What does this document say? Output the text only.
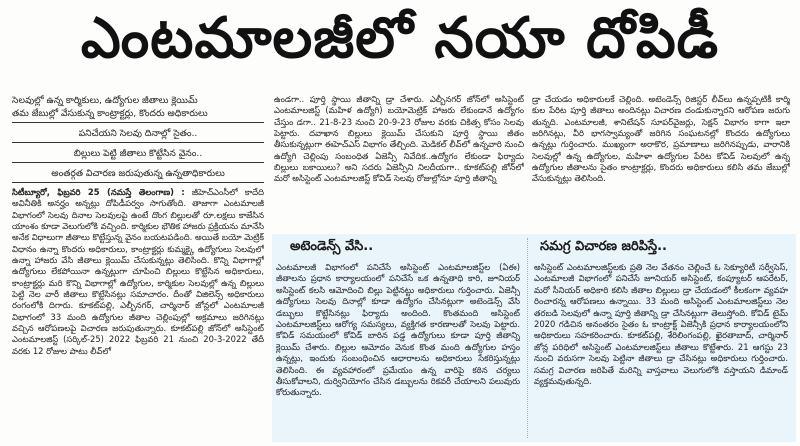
ఎంటమాలజీలో నయా దోపిడీ
సెలవుల్లో ఉన్న కార్మికులు, ఉద్యోగుల జీతాలు క్లెయిమ్
తమ జేబుల్లో వేసుకున్న కాంట్రాక్టర్లు, కొందరు అధికారులు
పనిచేయని సెలవు దినాల్లో సైతం..
బిల్లులు పెట్టి జీతాలు కొట్టేసిన వైనం..
అంతర్గత విచారణ జరుపుతున్న ఉన్నతాధికారులు

సిటీబ్యూరో, ఫిబ్రవరి 25 (నమస్తే తెలంగాణ) : జీహెచ్ఎంసీలో కాదేది అవినీతికి అనర్హం అన్నట్లు దోపిడీపర్వం సాగుతోంది. తాజాగా ఎంటమాలజీ విభాగంలో సెలవు దినాల సెలవులపై ఉంటే దొంగ బిల్లులతో రూ.లక్షలు కాజేసిన యాంశం కూడా వెలుగులోకి వచ్చింది. కార్మికుల భౌతిక హాజరు ప్రక్రియను మానేసి అనేక విధాలుగా జీతాలు కొట్టేస్తున్న వైనం బయటపడింది. అయితే బయో మెట్రిక్ విధానం ఉన్నా కొందరు అధికారులు, కాంట్రాక్టర్లు కుమ్మక్కై ఉద్యోగులు సెలవులో ఉన్నా హాజరు వేసి జీతాలు క్లెయిమ్ చేసుకున్నట్లు తెలిసింది. కొన్ని విభాగాల్లో ఉద్యోగులు లేకపోయినా ఉన్నట్లుగా చూపించి బిల్లులు కొట్టేసిన అధికారులు, కాంట్రాక్టర్లు మరి కొన్ని విభాగాల్లో ఉద్యోగుల, కార్మికుల సెలవుల్లో ఉన్న బిల్లులు పెట్టి నెల వారీ జీతాలు కొట్టేసినట్లు సమాచారం. దీంతో విజిలెన్స్ అధికారులు రంగంలోకి దిగారు. కూకట్‌పల్లి, ఎల్బీనగర్, చార్మినార్ జోన్లలో ఎంటమాలజీ విభాగంలో 33 మంది ఉద్యోగుల జీతాల చెల్లింపుల్లో అక్రమాలు జరిగినట్లు వచ్చిన ఆరోపణలపై విచారణ జరుపుతున్నారు. కూకట్‌పల్లి జోన్‌లో అసిస్టెంట్ ఎంటమాలజిస్ట్ (సర్కిల్-25) 2022 ఫిబ్రవరి 21 నుంచి 20-3-2022 తేదీ వరకు 12 రోజుల పాటు లీవ్‌లో

ఉండగా.. పూర్తి స్థాయి జీతాన్ని డ్రా చేశారు. ఎల్బీనగర్ జోన్‌లో అసిస్టెంట్ ఎంటమాలజిస్ట్ (మహిళ ఉద్యోగి) బయోమెట్రిక్ హాజరు లేకుండానే ఉద్యోగం చేస్తుం డగా.. 21-8-23 నుంచి 20-9-23 రోజుల వరకు చికిత్స కోసం సెలవు పెట్టారు. దవాఖాన బిల్లులు క్లెయిమ్ చేసుకుని పూర్తి స్థాయి జీతం తీసుకున్నట్లుగా ఈహెచ్ఎస్ విభాగం తేల్చింది. మెడికల్ లీవ్‌లో ఉన్నవారి నుంచి ఉద్యోగి చెల్లింపు సంబంధిత ఏజెన్సీ నివేదిక..ఉద్యోగం లేకుండా ఫిర్యాదు బిల్లులు బకాయిలు? అని సదరు ఏజెన్సీని నిలదీయగా.. కూకట్‌పల్లి జోన్‌లో మరో అసిస్టెంట్ ఎంటమాలజిస్ట్ కోవిడ్ సెలవు రోజుల్లోనూ పూర్తి జీతాన్ని

డ్రా చేయడం అధికారులకే చెల్లింది. అటెండెన్స్ రిజిస్టర్ లీవ్‌లు ఉన్నప్పటికీ కార్మి కుల పేరిట పూర్తి జీతాలు అందినట్లు విచారణ దండుకున్నారని ఆరోపణ జరుగు తున్నది. ఎంటమాలజీ, శానిటేషన్ సూపర్‌వైజర్లు, సెక్షన్ విభాగం కాగా ఇలా జరిగినట్లు, వీరి భాగస్వామ్యంతో జరిగిన సంఘటనల్లో కొందరు ఉద్యోగులు ఉన్నట్లు గుర్తించారు. ముఖ్యంగా అరాకొర, ప్రమాణాలు జరిగినప్పుడు, వారానికి సెలవుల్లో ఉన్న ఉద్యోగుల, మహిళా ఉద్యోగుల పేరిట కోవిడ్ సెలవులో ఉన్న ఉద్యోగుల జీతాలను సైతం కాంట్రాక్టర్లు, కొందరు అధికారులు కలిసి తమ జేబుల్లో వేసుకున్నట్లు తెలిసింది.

అటెండెన్స్ వేసి..	సమగ్ర విచారణ జరిపిస్తే..

ఎంటమాలజీ విభాగంలో పనిచేసే అసిస్టెంట్ ఎంటమాలజిస్ట్‌ల (ఏఈ) జీతాలను ప్రధాన కార్యాలయంలో పనిచేసే ఒక ఉన్నతాధి కారి, జూనియర్ అసిస్టెంట్ కలసి ఆమోదించి బిల్లు పెట్టినట్టు అధికారులు గుర్తించారు. ఏజెన్సీ ఉద్యోగులు సెలవు దినాల్లో కూడా ఉద్యోగం చేసినట్లుగా అటెండెన్స్ వేసి డబ్బులు కొట్టేసినట్లు ఫిర్యాదు అందింది. కొంతమంది అసిస్టెంట్ ఎంటమాలజిస్ట్‌లు ఆరోగ్య సమస్యలు, వ్యక్తిగత కారణాలతో సెలవు పెట్టారు. కోవిడ్ సమయంలో కోవిడ్ బారిన పడ్డ ఉద్యోగులు కూడా పూర్తి జీతాన్ని క్లెయిమ్ చేశారు. బిల్లుల ఆమోదం వెనుక కొంత మంది ఉద్యోగుల హస్తం ఉన్నట్లు, ఇందుకు సంబంధించిన ఆధారాలను అధికారులు సేకరిస్తున్నట్లు తెలిసింది. ఈ వ్యవహారంలో ప్రమేయం ఉన్న వారిపై కఠిన చర్యలు తీసుకోవాలని, దుర్వినియోగం చేసిన డబ్బులను రికవరీ చేయాలని పలువురు కోరుతున్నారు.

అసిస్టెంట్ ఎంటమాలజిస్ట్‌లకు ప్రతి నెల వేతనం చెల్లించే ఓ సెక్యూరిటీ సర్వీసెస్, ఎంటమాలజీ విభాగంలో పనిచేసే జూనియర్ అసిస్టెంట్, కంప్యూటర్ ఆపరేటర్, మరో సీనియర్ అధికారి కలిసి జీతాల బిల్లులు డ్రా చేయడంలో కీలకంగా వ్యవహ రించారన్న ఆరోపణలు ఉన్నాయి. 33 మంది అసిస్టెంట్ ఎంటమాలజిస్ట్‌లు నెల తరబడి సెలవులో ఉన్నా పూర్తి జీతాన్ని డ్రా చేసినట్లుగా తెలుస్తోంది. కోవిడ్ టైమ్ 2020 గడిచిన అనంతరం సైతం ఓ కాంట్రాక్ట్ ఏజెన్సీకి ప్రధాన కార్యాలయంలోని అధికారులు సహకరించారు. కూకట్‌పల్లి, శేరిలింగంపల్లి, ఖైరతాబాద్, చార్మినార్ జోన్ల పరిధిలో అసిస్టెంట్ ఎంటమాలజిస్ట్‌లు జీతాలు కొట్టేశారు. 21 ఆగస్టు 23 నుంచి వరుసగా సెలవు పెట్టినా జీతాలు డ్రా చేసినట్లు అధికారులు గుర్తించారు. సమగ్ర విచారణ జరిపితే మరిన్ని వాస్తవాలు వెలుగులోకి వస్తాయని డిమాండ్ వ్యక్తమవుతున్నది.
